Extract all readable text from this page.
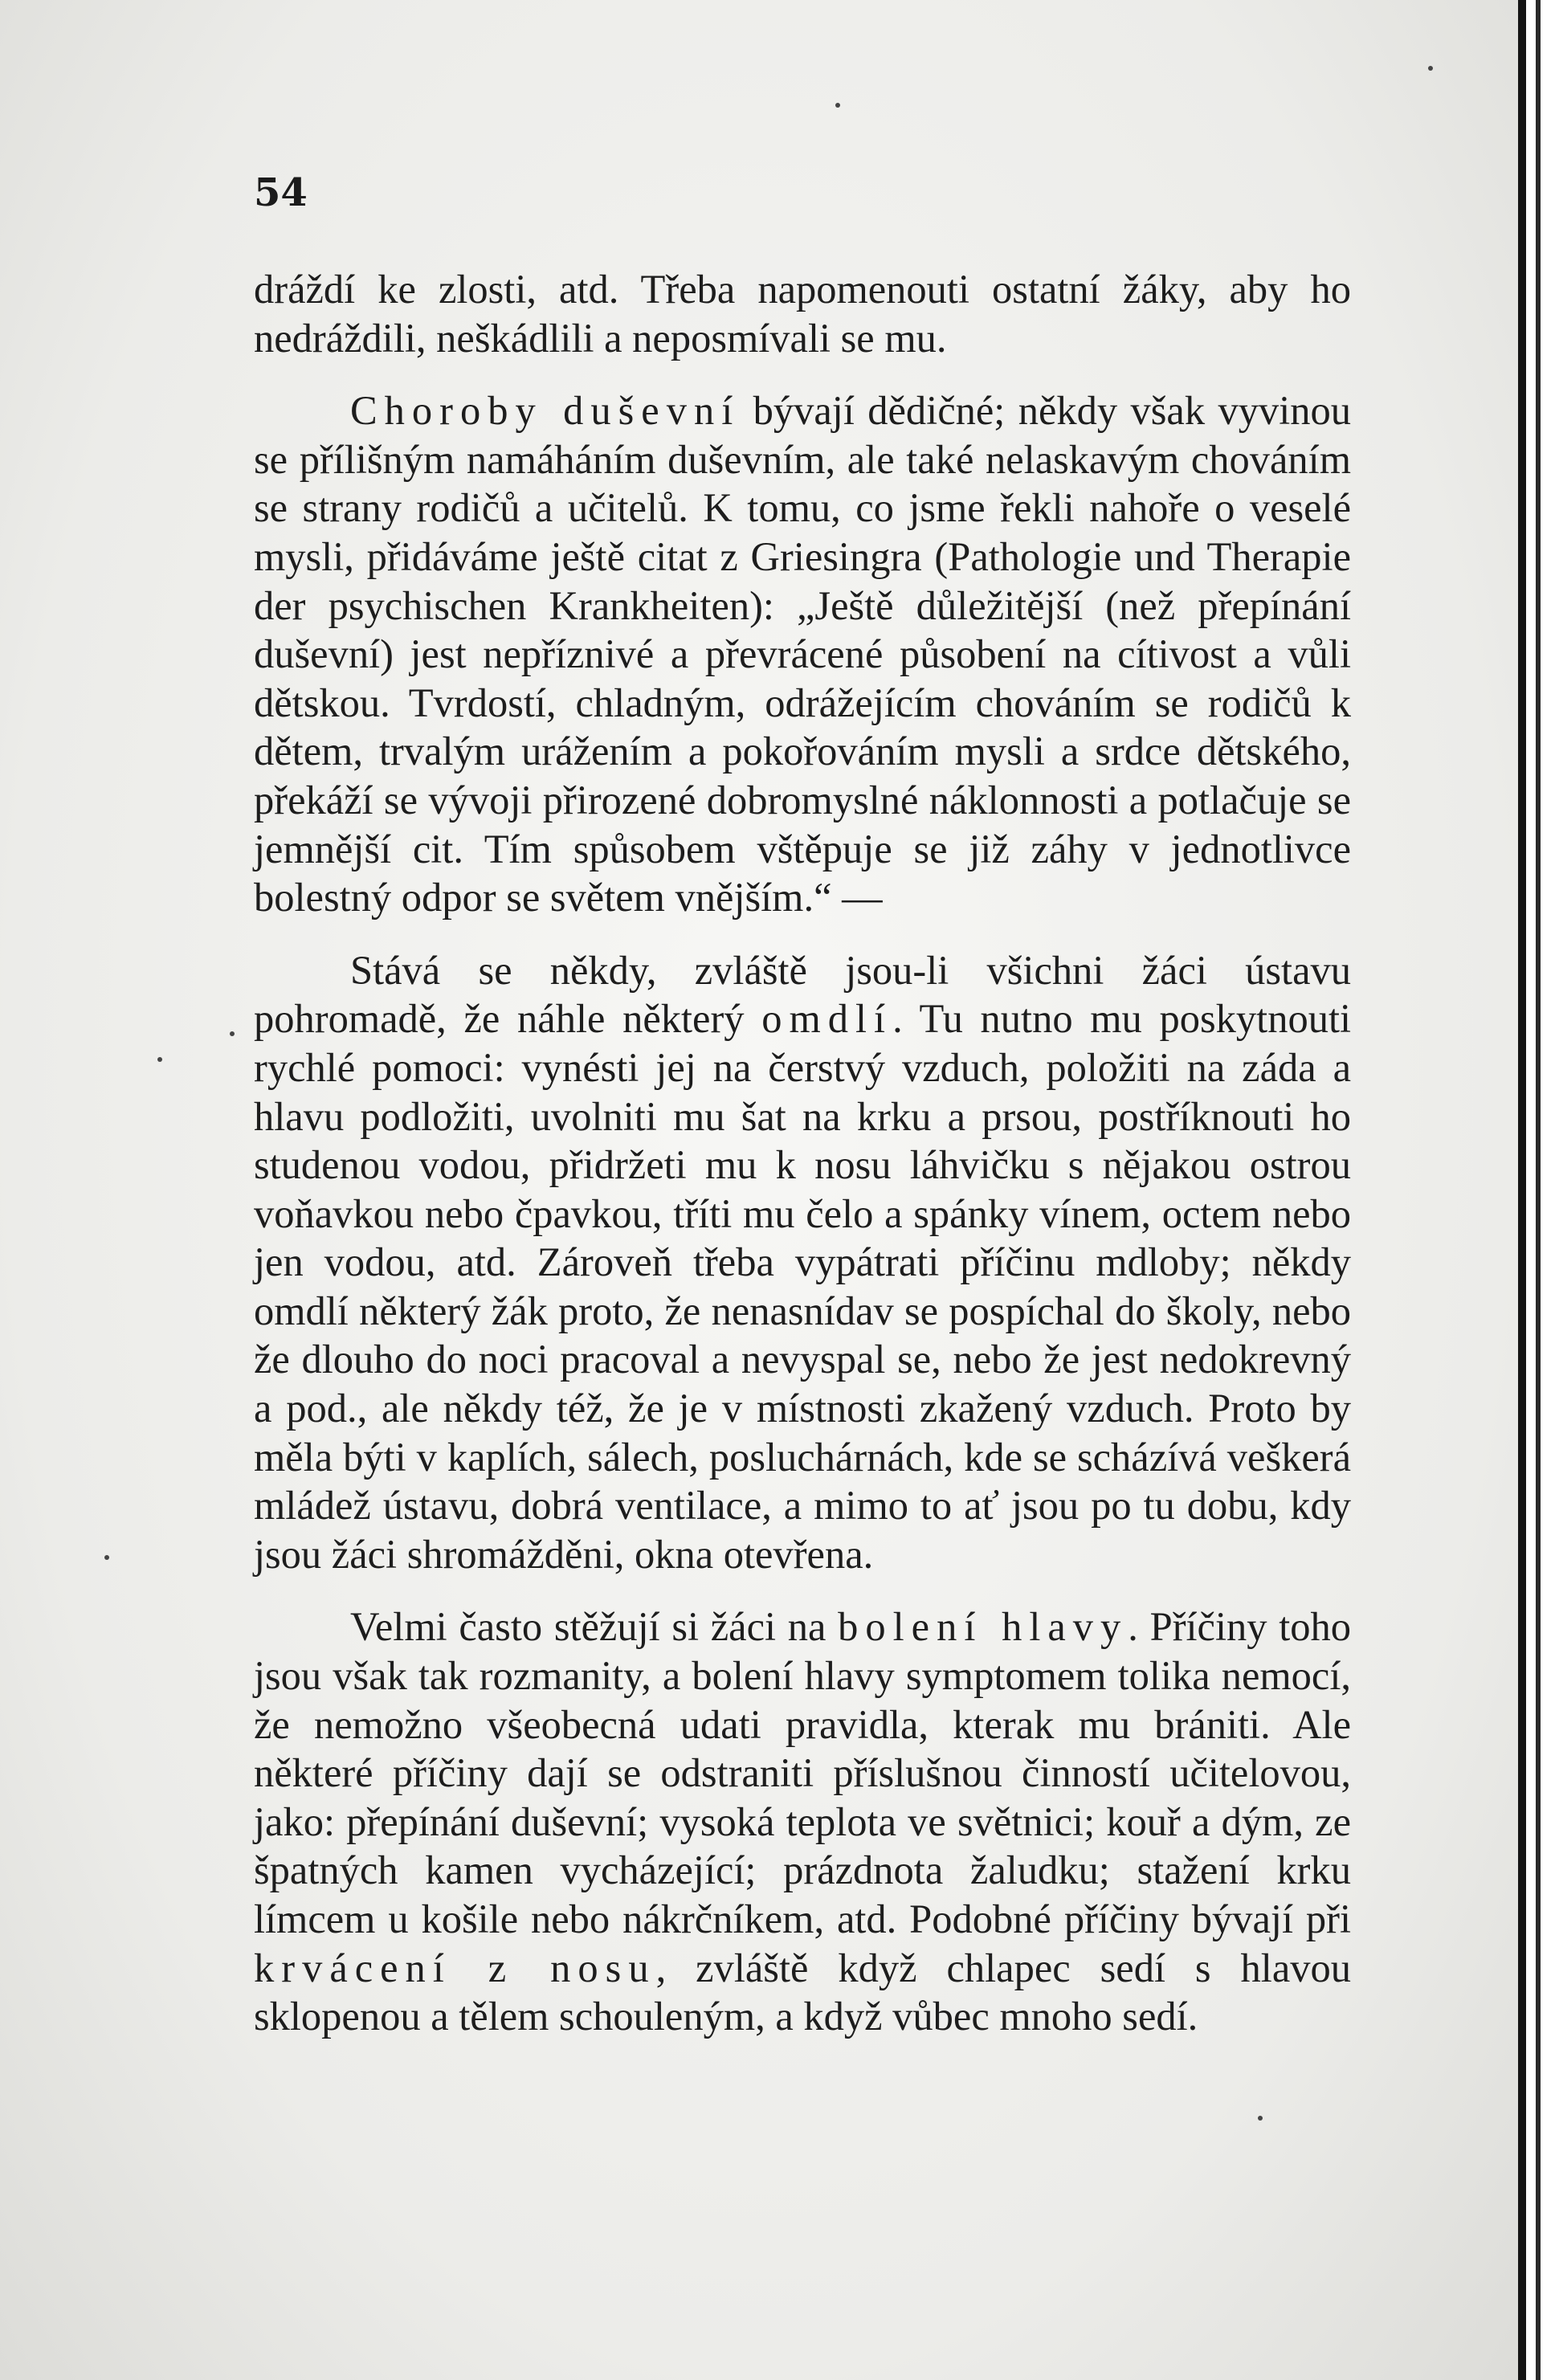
54

dráždí ke zlosti, atd. Třeba napomenouti ostatní žáky, aby ho nedráždili, neškádlili a neposmívali se mu.

Choroby duševní bývají dědičné; někdy však vyvinou se přílišným namáháním duševním, ale také nelaskavým chováním se strany rodičů a učitelů. K tomu, co jsme řekli nahoře o veselé mysli, přidáváme ještě citat z Griesingra (Pathologie und Therapie der psychischen Krankheiten): „Ještě důležitější (než přepínání duševní) jest nepříznivé a převrácené působení na cítivost a vůli dětskou. Tvrdostí, chladným, odrážejícím chováním se rodičů k dětem, trvalým urážením a pokořováním mysli a srdce dětského, překáží se vývoji přirozené dobromyslné náklonnosti a potlačuje se jemnější cit. Tím spůsobem vštěpuje se již záhy v jednotlivce bolestný odpor se světem vnějším.“ —

Stává se někdy, zvláště jsou-li všichni žáci ústavu pohromadě, že náhle některý omdlí. Tu nutno mu poskytnouti rychlé pomoci: vynésti jej na čerstvý vzduch, položiti na záda a hlavu podložiti, uvolniti mu šat na krku a prsou, postříknouti ho studenou vodou, přidržeti mu k nosu láhvičku s nějakou ostrou voňavkou nebo čpavkou, tříti mu čelo a spánky vínem, octem nebo jen vodou, atd. Zároveň třeba vypátrati příčinu mdloby; někdy omdlí některý žák proto, že nenasnídav se pospíchal do školy, nebo že dlouho do noci pracoval a nevyspal se, nebo že jest nedokrevný a pod., ale někdy též, že je v místnosti zkažený vzduch. Proto by měla býti v kaplích, sálech, posluchárnách, kde se scházívá veškerá mládež ústavu, dobrá ventilace, a mimo to ať jsou po tu dobu, kdy jsou žáci shromážděni, okna otevřena.

Velmi často stěžují si žáci na bolení hlavy. Příčiny toho jsou však tak rozmanity, a bolení hlavy symptomem tolika nemocí, že nemožno všeobecná udati pravidla, kterak mu brániti. Ale některé příčiny dají se odstraniti příslušnou činností učitelovou, jako: přepínání duševní; vysoká teplota ve světnici; kouř a dým, ze špatných kamen vycházející; prázdnota žaludku; stažení krku límcem u košile nebo nákrčníkem, atd. Podobné příčiny bývají při krvácení z nosu, zvláště když chlapec sedí s hlavou sklopenou a tělem schouleným, a když vůbec mnoho sedí.
